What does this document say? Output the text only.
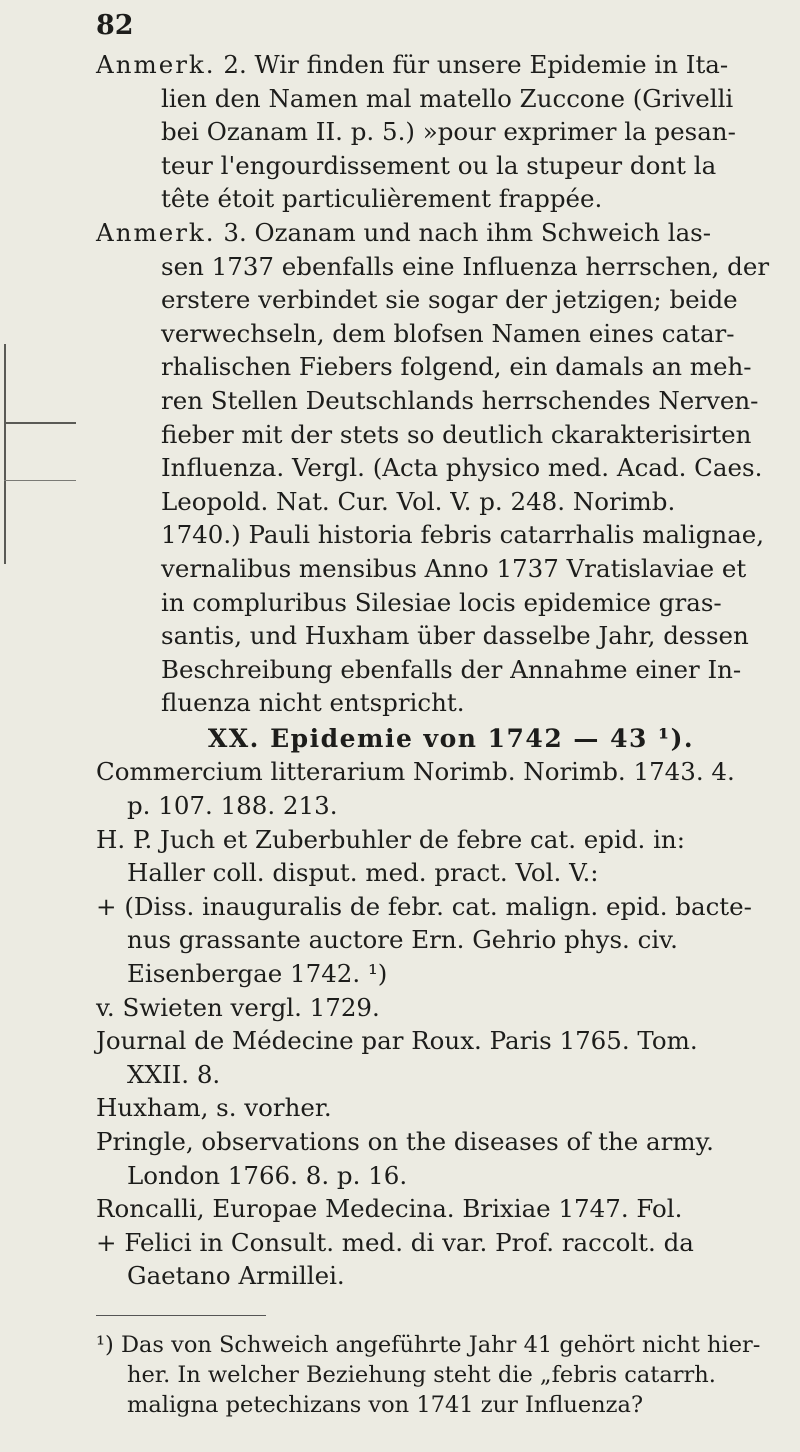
82

Anmerk. 2. Wir finden für unsere Epidemie in Ita-
lien den Namen mal matello Zuccone (Grivelli
bei Ozanam II. p. 5.) »pour exprimer la pesan-
teur l'engourdissement ou la stupeur dont la
tête étoit particulièrement frappée.

Anmerk. 3. Ozanam und nach ihm Schweich las-
sen 1737 ebenfalls eine Influenza herrschen, der
erstere verbindet sie sogar der jetzigen; beide
verwechseln, dem blofsen Namen eines catar-
rhalischen Fiebers folgend, ein damals an meh-
ren Stellen Deutschlands herrschendes Nerven-
fieber mit der stets so deutlich ckarakterisirten
Influenza. Vergl. (Acta physico med. Acad. Caes.
Leopold. Nat. Cur. Vol. V. p. 248. Norimb.
1740.) Pauli historia febris catarrhalis malignae,
vernalibus mensibus Anno 1737 Vratislaviae et
in compluribus Silesiae locis epidemice gras-
santis, und Huxham über dasselbe Jahr, dessen
Beschreibung ebenfalls der Annahme einer In-
fluenza nicht entspricht.

XX. Epidemie von 1742 — 43 ¹).

Commercium litterarium Norimb. Norimb. 1743. 4.
p. 107. 188. 213.

H. P. Juch et Zuberbuhler de febre cat. epid. in:
Haller coll. disput. med. pract. Vol. V.:

+ (Diss. inauguralis de febr. cat. malign. epid. bacte-
nus grassante auctore Ern. Gehrio phys. civ.
Eisenbergae 1742. ¹)

v. Swieten vergl. 1729.

Journal de Médecine par Roux. Paris 1765. Tom.
XXII. 8.

Huxham, s. vorher.

Pringle, observations on the diseases of the army.
London 1766. 8. p. 16.

Roncalli, Europae Medecina. Brixiae 1747. Fol.

+ Felici in Consult. med. di var. Prof. raccolt. da
Gaetano Armillei.

¹) Das von Schweich angeführte Jahr 41 gehört nicht hier-
her. In welcher Beziehung steht die „febris catarrh.
maligna petechizans von 1741 zur Influenza?
